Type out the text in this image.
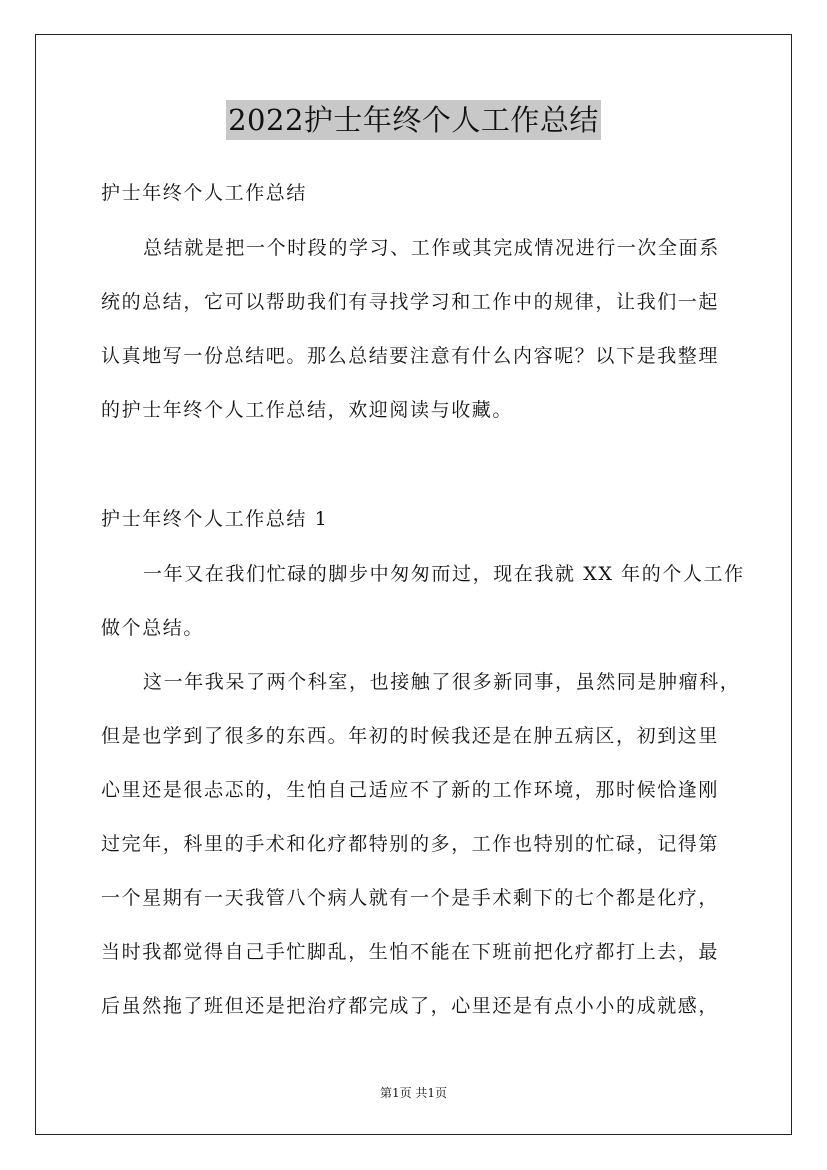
2022护士年终个人工作总结
护士年终个人工作总结
总结就是把一个时段的学习、工作或其完成情况进行一次全面系
统的总结，它可以帮助我们有寻找学习和工作中的规律，让我们一起
认真地写一份总结吧。那么总结要注意有什么内容呢？以下是我整理
的护士年终个人工作总结，欢迎阅读与收藏。
护士年终个人工作总结 1
一年又在我们忙碌的脚步中匆匆而过，现在我就 XX 年的个人工作
做个总结。
这一年我呆了两个科室，也接触了很多新同事，虽然同是肿瘤科，
但是也学到了很多的东西。年初的时候我还是在肿五病区，初到这里
心里还是很忐忑的，生怕自己适应不了新的工作环境，那时候恰逢刚
过完年，科里的手术和化疗都特别的多，工作也特别的忙碌，记得第
一个星期有一天我管八个病人就有一个是手术剩下的七个都是化疗，
当时我都觉得自己手忙脚乱，生怕不能在下班前把化疗都打上去，最
后虽然拖了班但还是把治疗都完成了，心里还是有点小小的成就感，
第1页 共1页
